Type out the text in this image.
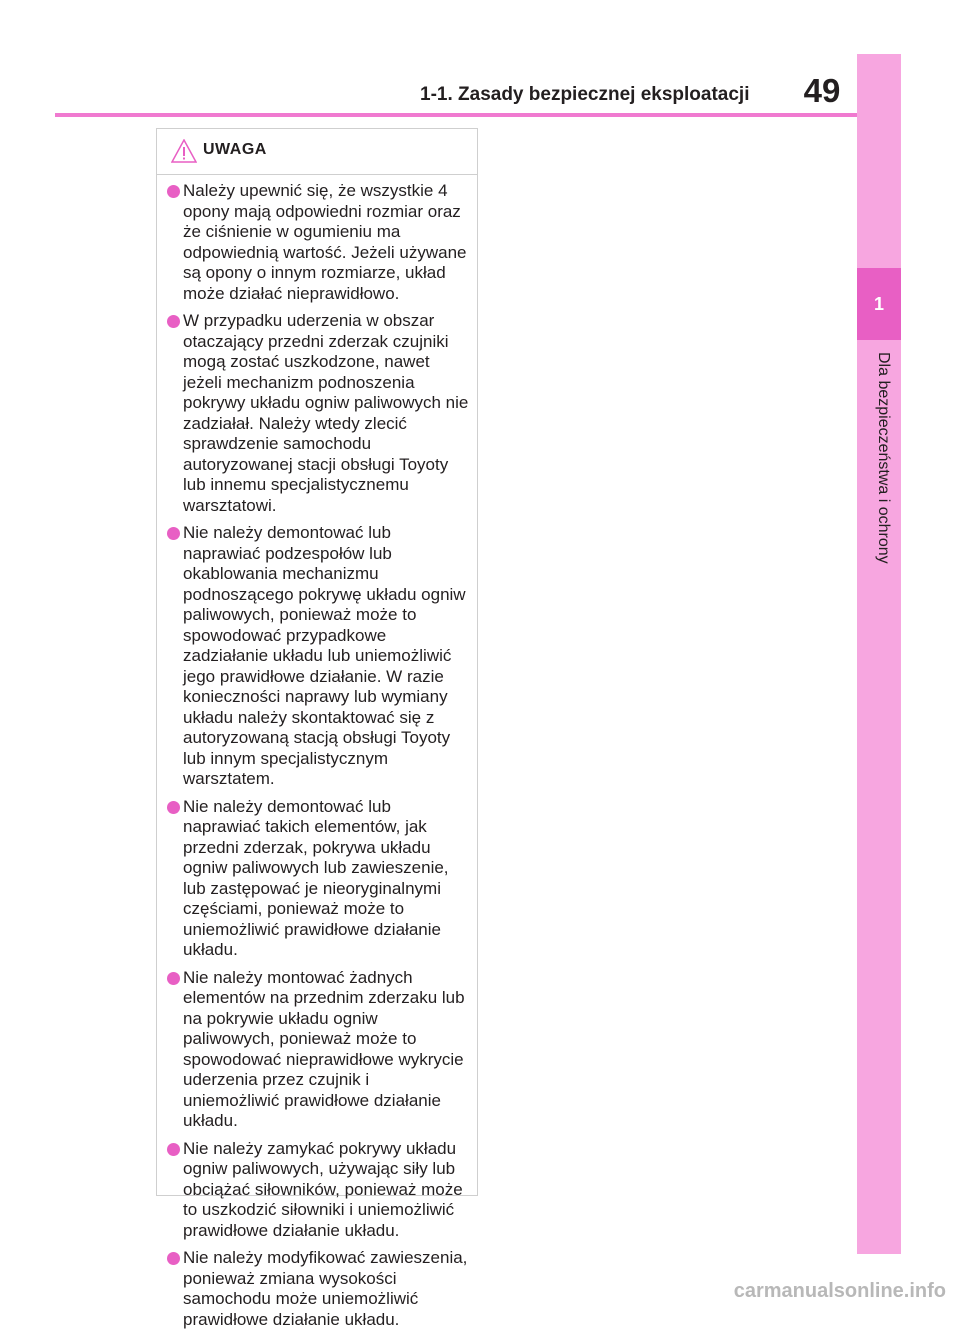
1-1. Zasady bezpiecznej eksploatacji	49
1
Dla bezpieczeństwa i ochrony
UWAGA
Należy upewnić się, że wszystkie 4 opony mają odpowiedni rozmiar oraz że ciśnienie w ogumieniu ma odpowiednią wartość. Jeżeli używane są opony o innym rozmiarze, układ może działać nieprawidłowo.
W przypadku uderzenia w obszar otaczający przedni zderzak czujniki mogą zostać uszkodzone, nawet jeżeli mechanizm podnoszenia pokrywy układu ogniw paliwowych nie zadziałał. Należy wtedy zlecić sprawdzenie samochodu autoryzowanej stacji obsługi Toyoty lub innemu specjalistycznemu warsztatowi.
Nie należy demontować lub naprawiać podzespołów lub okablowania mechanizmu podnoszącego pokrywę układu ogniw paliwowych, ponieważ może to spowodować przypadkowe zadziałanie układu lub uniemożliwić jego prawidłowe działanie. W razie konieczności naprawy lub wymiany układu należy skontaktować się z autoryzowaną stacją obsługi Toyoty lub innym specjalistycznym warsztatem.
Nie należy demontować lub naprawiać takich elementów, jak przedni zderzak, pokrywa układu ogniw paliwowych lub zawieszenie, lub zastępować je nieoryginalnymi częściami, ponieważ może to uniemożliwić prawidłowe działanie układu.
Nie należy montować żadnych elementów na przednim zderzaku lub na pokrywie układu ogniw paliwowych, ponieważ może to spowodować nieprawidłowe wykrycie uderzenia przez czujnik i uniemożliwić prawidłowe działanie układu.
Nie należy zamykać pokrywy układu ogniw paliwowych, używając siły lub obciążać siłowników, ponieważ może to uszkodzić siłowniki i uniemożliwić prawidłowe działanie układu.
Nie należy modyfikować zawieszenia, ponieważ zmiana wysokości samochodu może uniemożliwić prawidłowe działanie układu.
carmanualsonline.info
